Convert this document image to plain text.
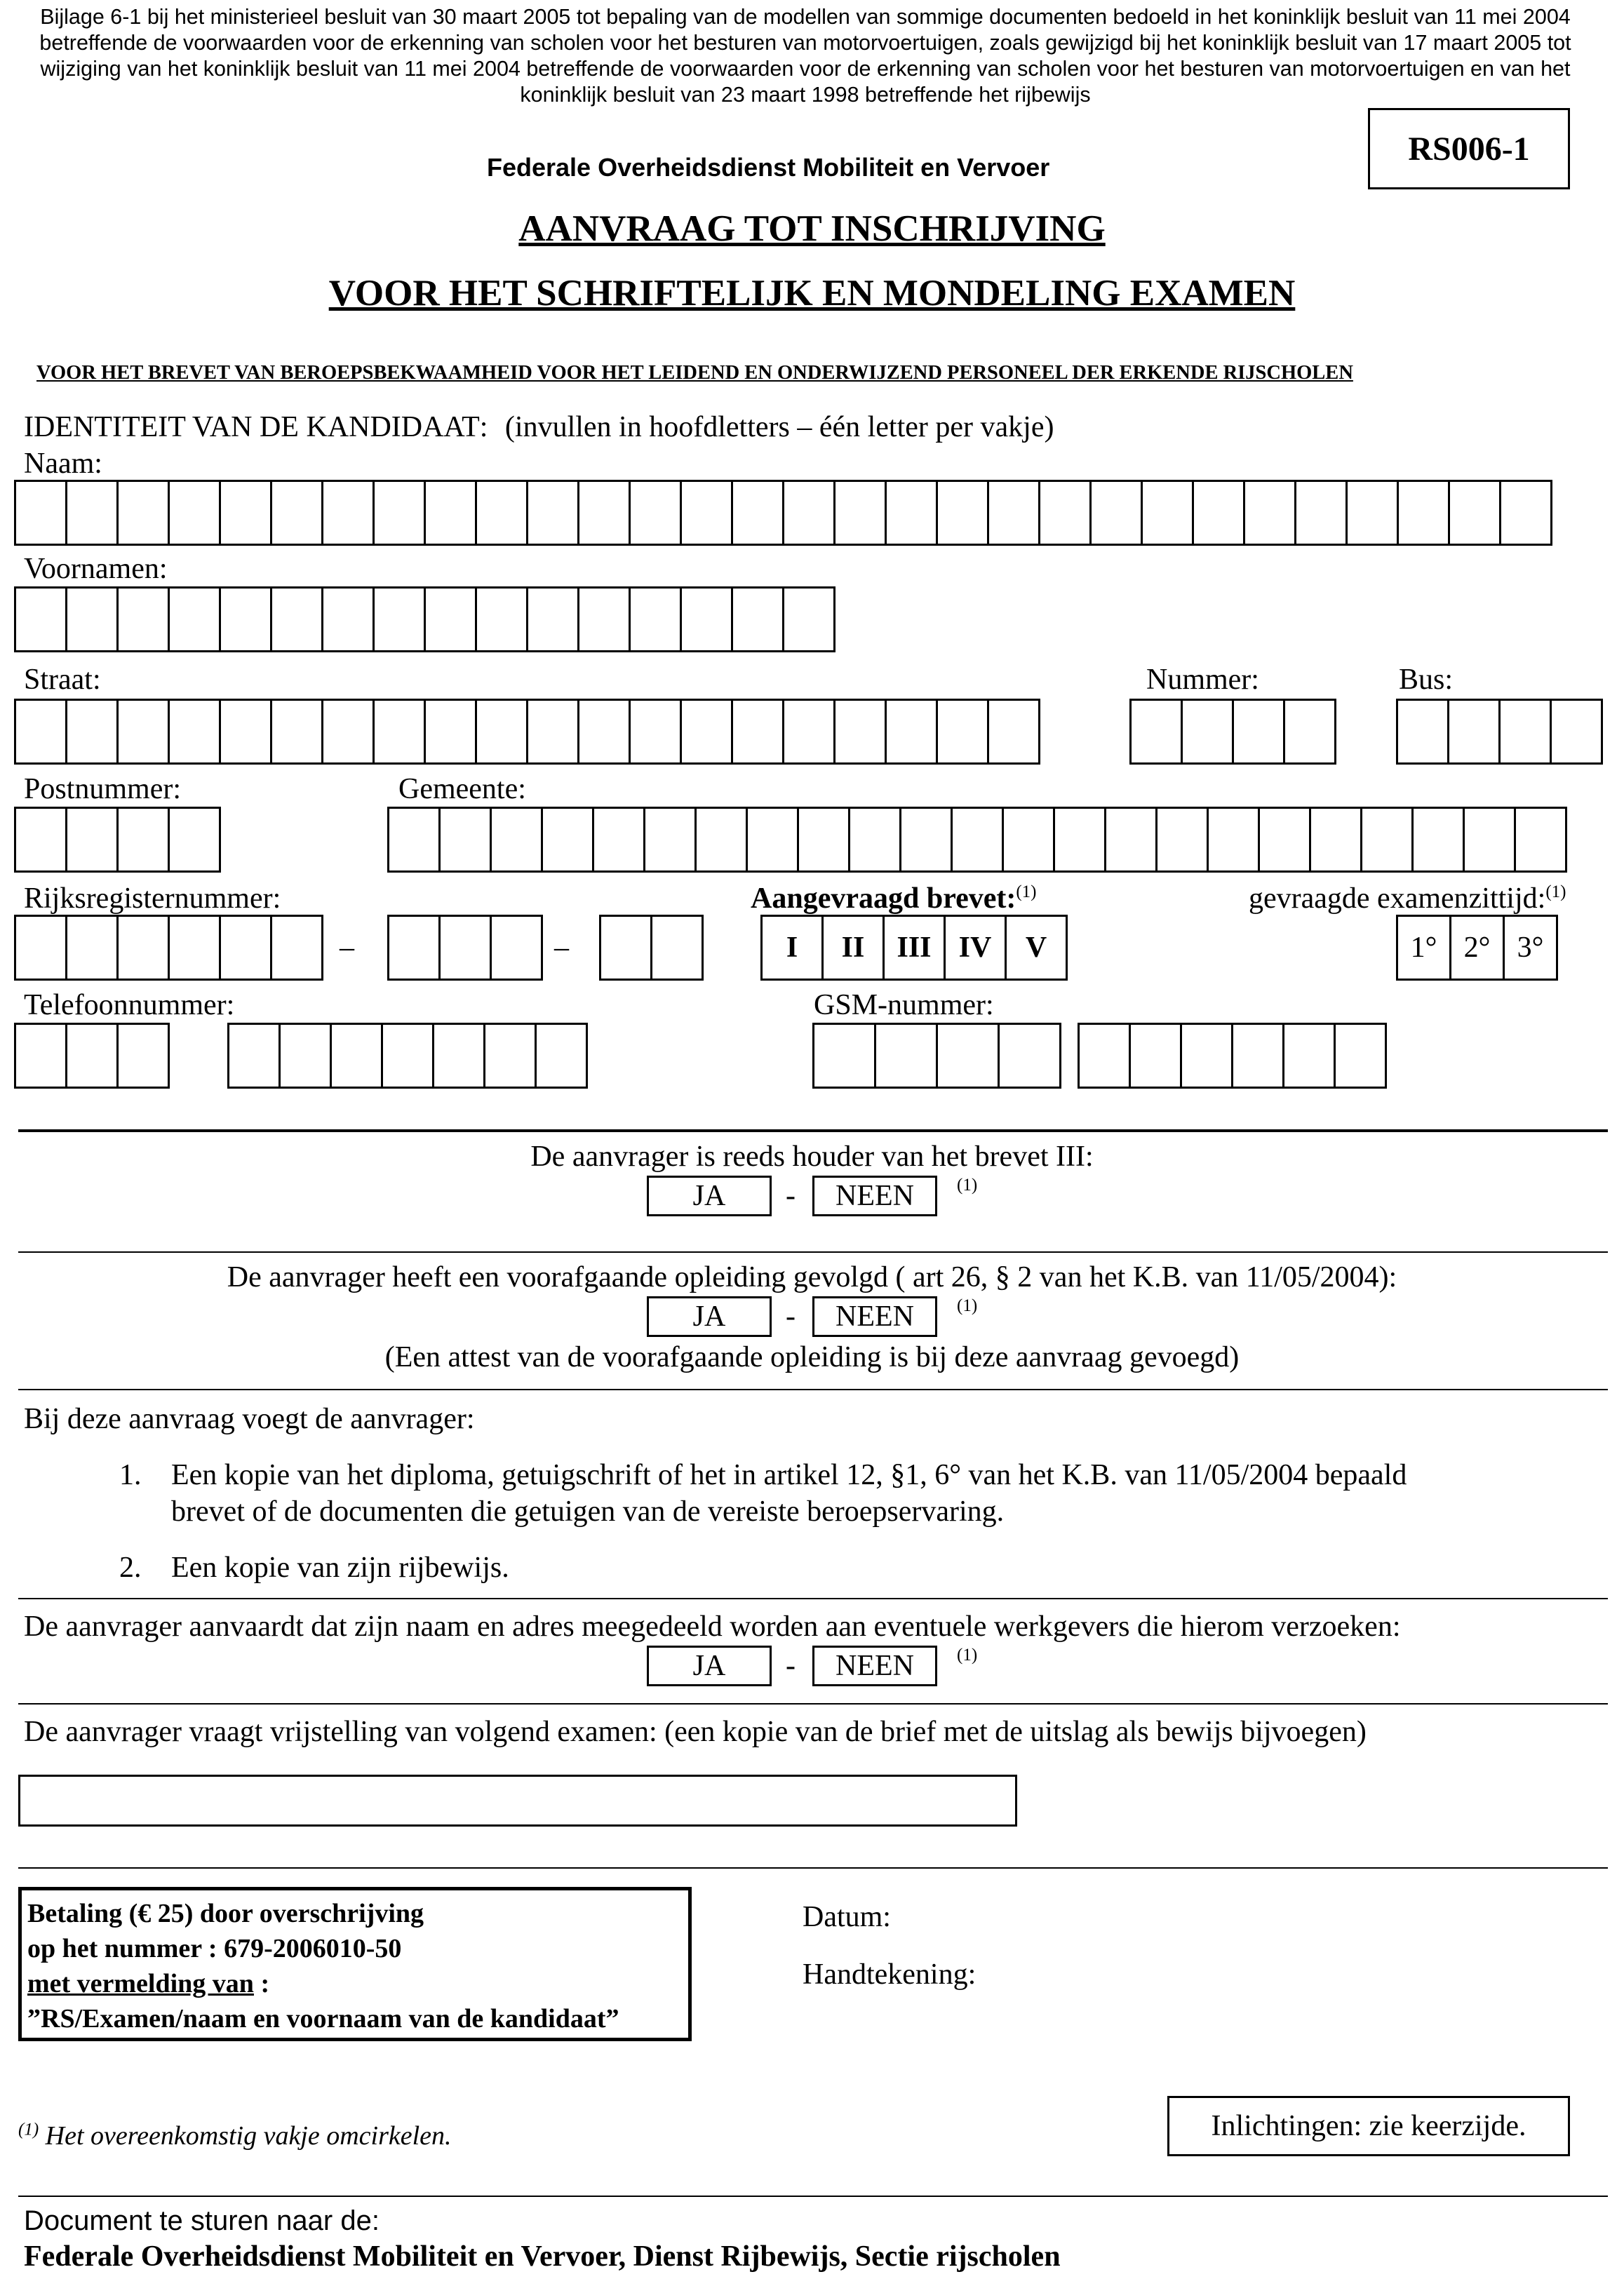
Bijlage 6-1 bij het ministerieel besluit van 30 maart 2005 tot bepaling van de modellen van sommige documenten bedoeld in het koninklijk besluit van 11 mei 2004 betreffende de voorwaarden voor de erkenning van scholen voor het besturen van motorvoertuigen, zoals gewijzigd bij het koninklijk besluit van 17 maart 2005 tot wijziging van het koninklijk besluit van 11 mei 2004 betreffende de voorwaarden voor de erkenning van scholen voor het besturen van motorvoertuigen en van het koninklijk besluit van 23 maart 1998 betreffende het rijbewijs
RS006-1
Federale Overheidsdienst Mobiliteit en Vervoer
AANVRAAG TOT INSCHRIJVING
VOOR HET SCHRIFTELIJK EN MONDELING EXAMEN
VOOR HET BREVET VAN BEROEPSBEKWAAMHEID VOOR HET LEIDEND EN ONDERWIJZEND PERSONEEL DER ERKENDE RIJSCHOLEN
IDENTITEIT VAN DE KANDIDAAT: (invullen in hoofdletters – één letter per vakje)
Naam:
Voornamen:
Straat:	Nummer:	Bus:
Postnummer:	Gemeente:
Rijksregisternummer:	Aangevraagd brevet:$^{(1)}$	gevraagde examenzittijd:$^{(1)}$
–	–	I	II	III IV	V	1° 2° 3°
Telefoonnummer:	GSM-nummer:
De aanvrager is reeds houder van het brevet III:
JA - NEEN (1)
De aanvrager heeft een voorafgaande opleiding gevolgd ( art 26, § 2 van het K.B. van 11/05/2004):
JA - NEEN (1)
(Een attest van de voorafgaande opleiding is bij deze aanvraag gevoegd)
Bij deze aanvraag voegt de aanvrager:
1. Een kopie van het diploma, getuigschrift of het in artikel 12, §1, 6° van het K.B. van 11/05/2004 bepaald
brevet of de documenten die getuigen van de vereiste beroepservaring.
2. Een kopie van zijn rijbewijs.
De aanvrager aanvaardt dat zijn naam en adres meegedeeld worden aan eventuele werkgevers die hierom verzoeken:
JA - NEEN (1)
De aanvrager vraagt vrijstelling van volgend examen: (een kopie van de brief met de uitslag als bewijs bijvoegen)
Betaling (€ 25) door overschrijving
op het nummer : 679-2006010-50
met vermelding van :
”RS/Examen/naam en voornaam van de kandidaat”
Datum:
Handtekening:
$^{(1)}$ Het overeenkomstig vakje omcirkelen.	Inlichtingen: zie keerzijde.
Document te sturen naar de:
Federale Overheidsdienst Mobiliteit en Vervoer, Dienst Rijbewijs, Sectie rijscholen
